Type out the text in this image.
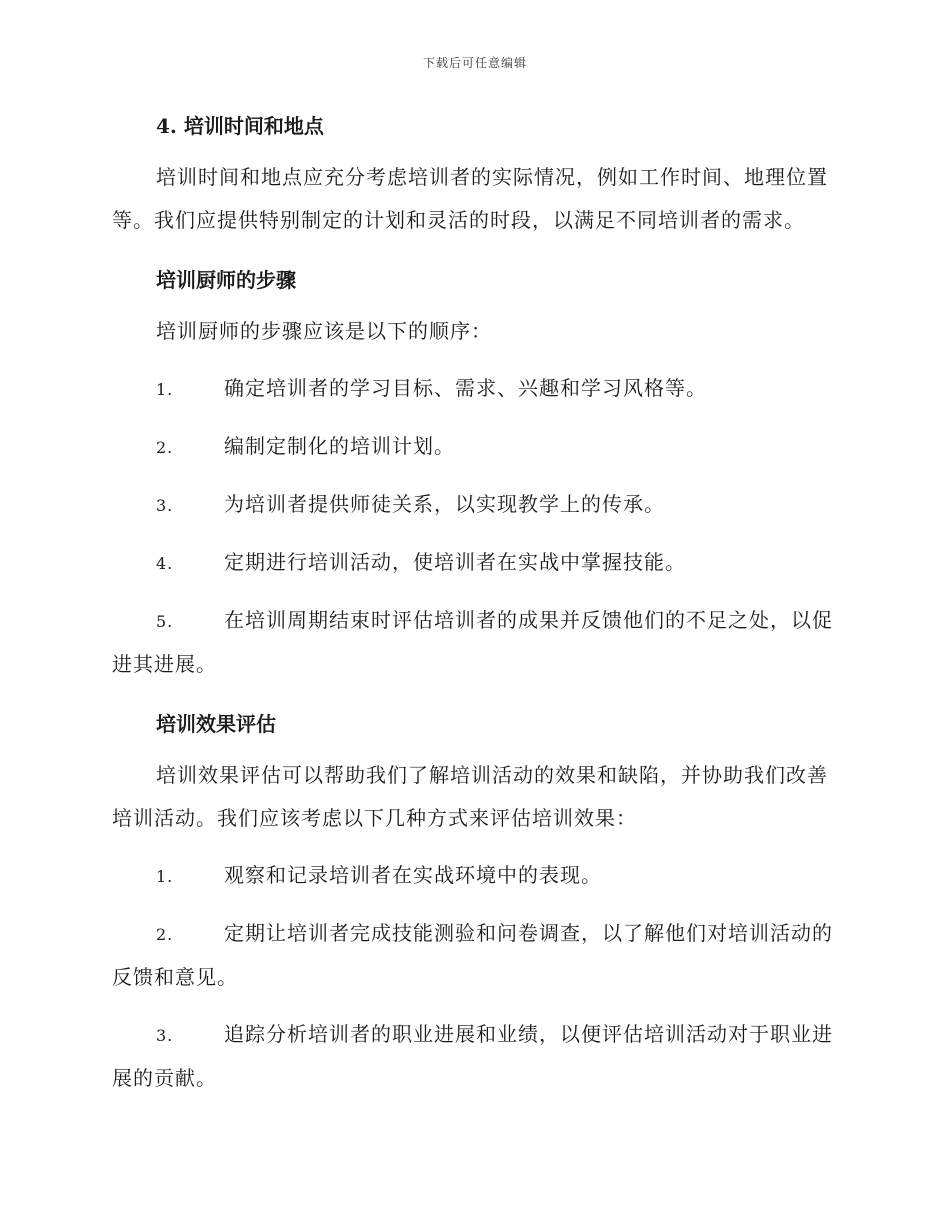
下载后可任意编辑
4. 培训时间和地点

培训时间和地点应充分考虑培训者的实际情况，例如工作时间、地理位置等。我们应提供特别制定的计划和灵活的时段，以满足不同培训者的需求。

培训厨师的步骤

培训厨师的步骤应该是以下的顺序：

1.	确定培训者的学习目标、需求、兴趣和学习风格等。

2.	编制定制化的培训计划。

3.	为培训者提供师徒关系，以实现教学上的传承。

4.	定期进行培训活动，使培训者在实战中掌握技能。

5.	在培训周期结束时评估培训者的成果并反馈他们的不足之处，以促进其进展。

培训效果评估

培训效果评估可以帮助我们了解培训活动的效果和缺陷，并协助我们改善培训活动。我们应该考虑以下几种方式来评估培训效果：

1.	观察和记录培训者在实战环境中的表现。

2.	定期让培训者完成技能测验和问卷调查，以了解他们对培训活动的反馈和意见。

3.	追踪分析培训者的职业进展和业绩，以便评估培训活动对于职业进展的贡献。
